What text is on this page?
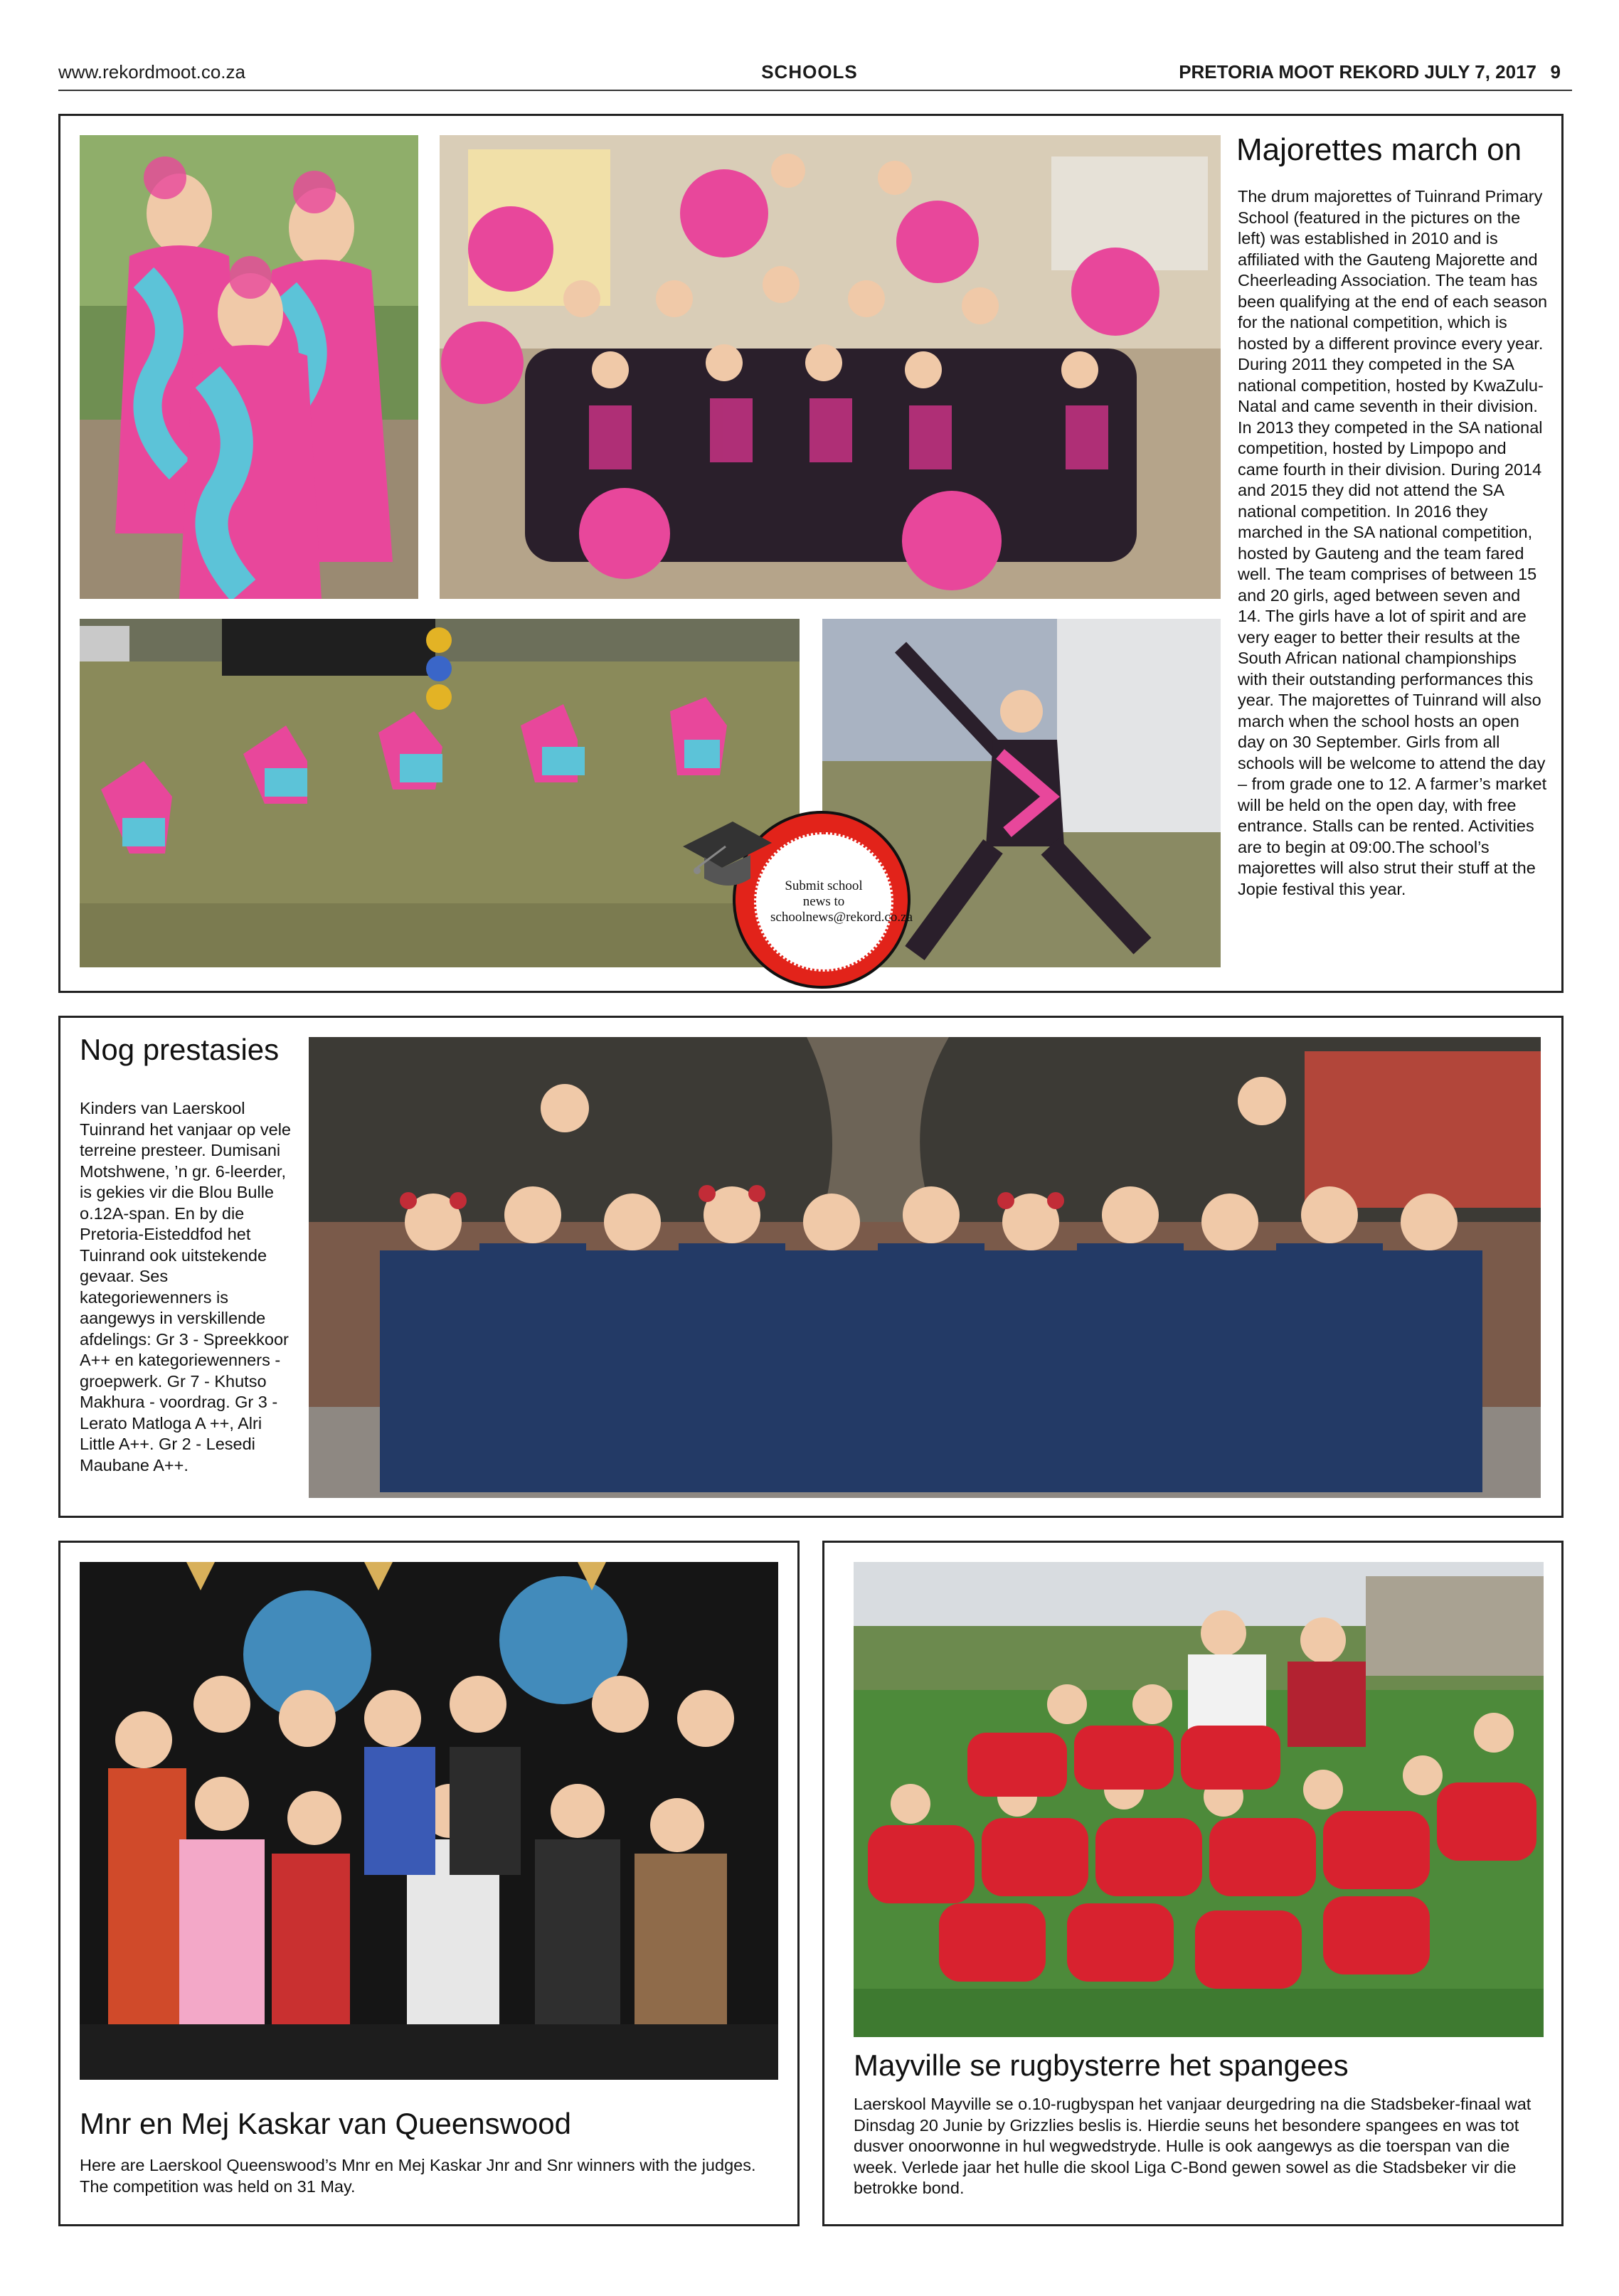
www.rekordmoot.co.za	SCHOOLS	PRETORIA MOOT REKORD JULY 7, 2017 9
Submit school news to schoolnews@rekord.co.za
Majorettes march on

The drum majorettes of Tuinrand Primary School (featured in the pictures on the left) was established in 2010 and is affiliated with the Gauteng Majorette and Cheerleading Association. The team has been qualifying at the end of each season for the national competition, which is hosted by a different province every year. During 2011 they competed in the SA national competition, hosted by KwaZulu-Natal and came seventh in their division. In 2013 they competed in the SA national competition, hosted by Limpopo and came fourth in their division. During 2014 and 2015 they did not attend the SA national competition. In 2016 they marched in the SA national competition, hosted by Gauteng and the team fared well. The team comprises of between 15 and 20 girls, aged between seven and 14. The girls have a lot of spirit and are very eager to better their results at the South African national championships with their outstanding performances this year. The majorettes of Tuinrand will also march when the school hosts an open day on 30 September. Girls from all schools will be welcome to attend the day – from grade one to 12. A farmer’s market will be held on the open day, with free entrance. Stalls can be rented. Activities are to begin at 09:00.The school’s majorettes will also strut their stuff at the Jopie festival this year.

Nog prestasies

Kinders van Laerskool Tuinrand het vanjaar op vele terreine presteer. Dumisani Motshwene, ’n gr. 6-leerder, is gekies vir die Blou Bulle o.12A-span. En by die Pretoria-Eisteddfod het Tuinrand ook uitstekende gevaar. Ses kategoriewenners is aangewys in verskillende afdelings: Gr 3 - Spreekkoor A++ en kategoriewenners - groepwerk. Gr 7 - Khutso Makhura - voordrag. Gr 3 - Lerato Matloga A ++, Alri Little A++. Gr 2 - Lesedi Maubane A++.

Mnr en Mej Kaskar van Queenswood

Here are Laerskool Queenswood’s Mnr en Mej Kaskar Jnr and Snr winners with the judges. The competition was held on 31 May.

Mayville se rugbysterre het spangees

Laerskool Mayville se o.10-rugbyspan het vanjaar deurgedring na die Stadsbeker-finaal wat Dinsdag 20 Junie by Grizzlies beslis is. Hierdie seuns het besondere spangees en was tot dusver onoorwonne in hul wegwedstryde. Hulle is ook aangewys as die toerspan van die week. Verlede jaar het hulle die skool Liga C-Bond gewen sowel as die Stadsbeker vir die betrokke bond.
